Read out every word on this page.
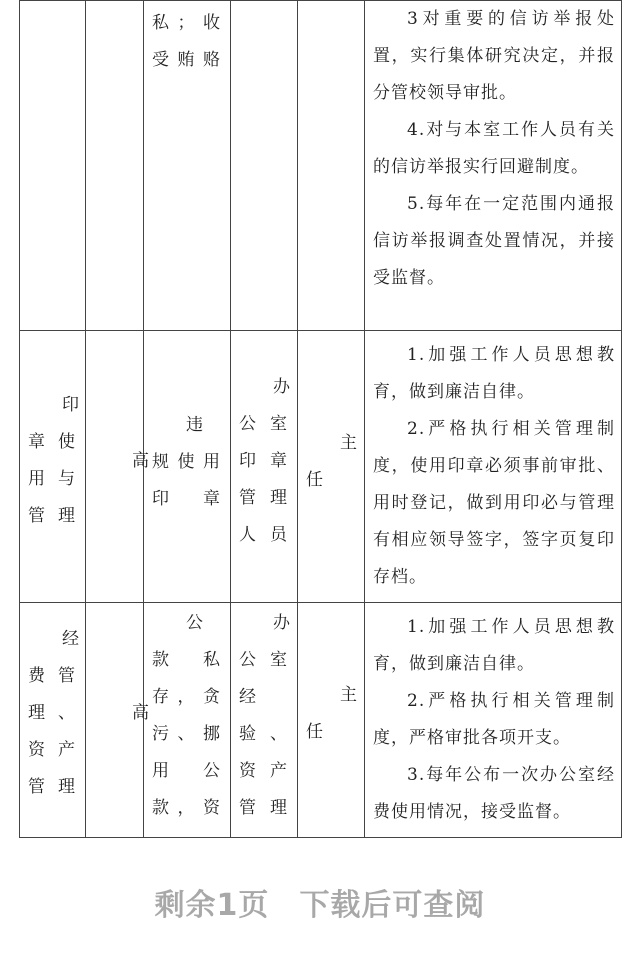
		私；收受贿赂			3对重要的信访举报处置，实行集体研究决定，并报分管校领导审批。

4.对与本室工作人员有关的信访举报实行回避制度。

5.每年在一定范围内通报信访举报调查处置情况，并接受监督。

印章使用与管理	高	违规使用印章	办公室印章管理人员	主任	1.加强工作人员思想教育，做到廉洁自律。

2.严格执行相关管理制度，使用印章必须事前审批、用时登记，做到用印必与管理有相应领导签字，签字页复印存档。

经费管理、资产管理	高	公款私存，贪污、挪用公款，资	办公室经验、资产管理	主任	1.加强工作人员思想教育，做到廉洁自律。

2.严格执行相关管理制度，严格审批各项开支。

3.每年公布一次办公室经费使用情况，接受监督。

剩余1页 下载后可查阅
